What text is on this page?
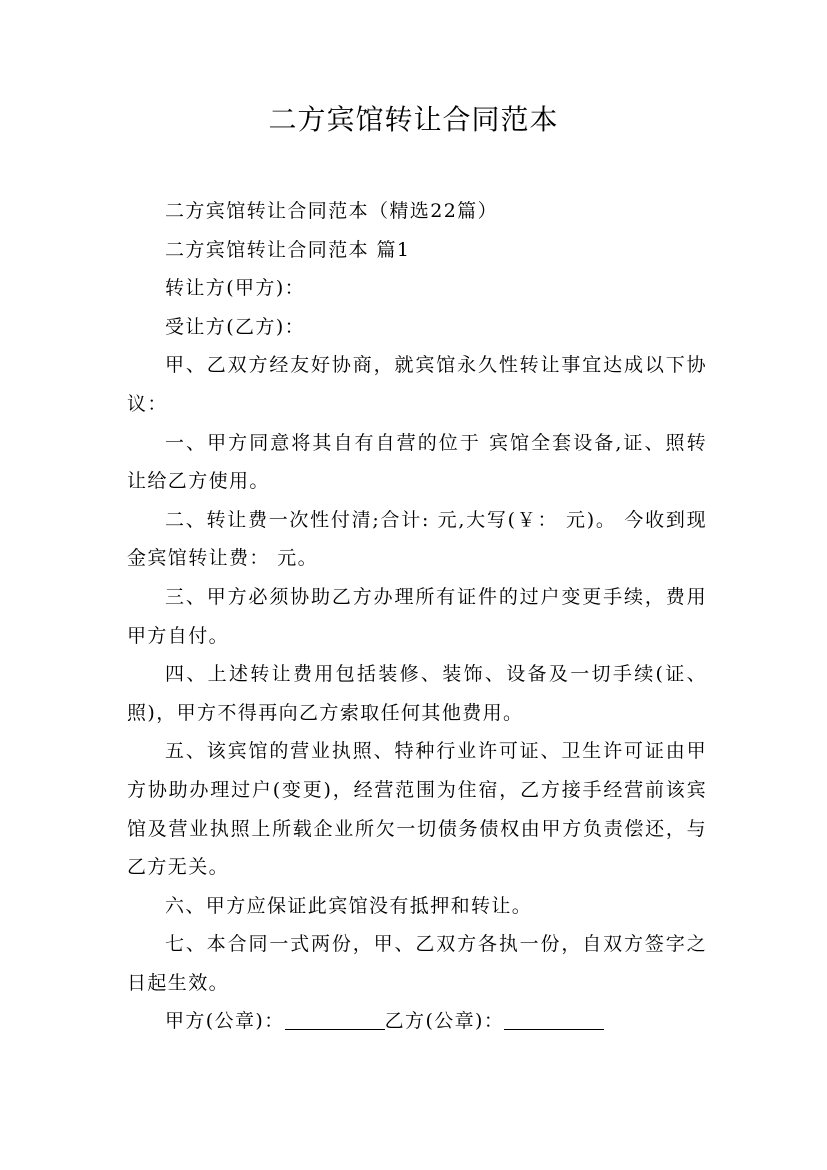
二方宾馆转让合同范本

二方宾馆转让合同范本（精选22篇）

二方宾馆转让合同范本 篇1

转让方(甲方)：

受让方(乙方)：

甲、乙双方经友好协商，就宾馆永久性转让事宜达成以下协议：

一、甲方同意将其自有自营的位于 宾馆全套设备,证、照转让给乙方使用。

二、转让费一次性付清;合计: 元,大写(￥： 元)。 今收到现金宾馆转让费： 元。

三、甲方必须协助乙方办理所有证件的过户变更手续，费用甲方自付。

四、上述转让费用包括装修、装饰、设备及一切手续(证、照)，甲方不得再向乙方索取任何其他费用。

五、该宾馆的营业执照、特种行业许可证、卫生许可证由甲方协助办理过户(变更)，经营范围为住宿，乙方接手经营前该宾馆及营业执照上所载企业所欠一切债务债权由甲方负责偿还，与乙方无关。

六、甲方应保证此宾馆没有抵押和转让。

七、本合同一式两份，甲、乙双方各执一份，自双方签字之日起生效。

甲方(公章)：	乙方(公章)：
